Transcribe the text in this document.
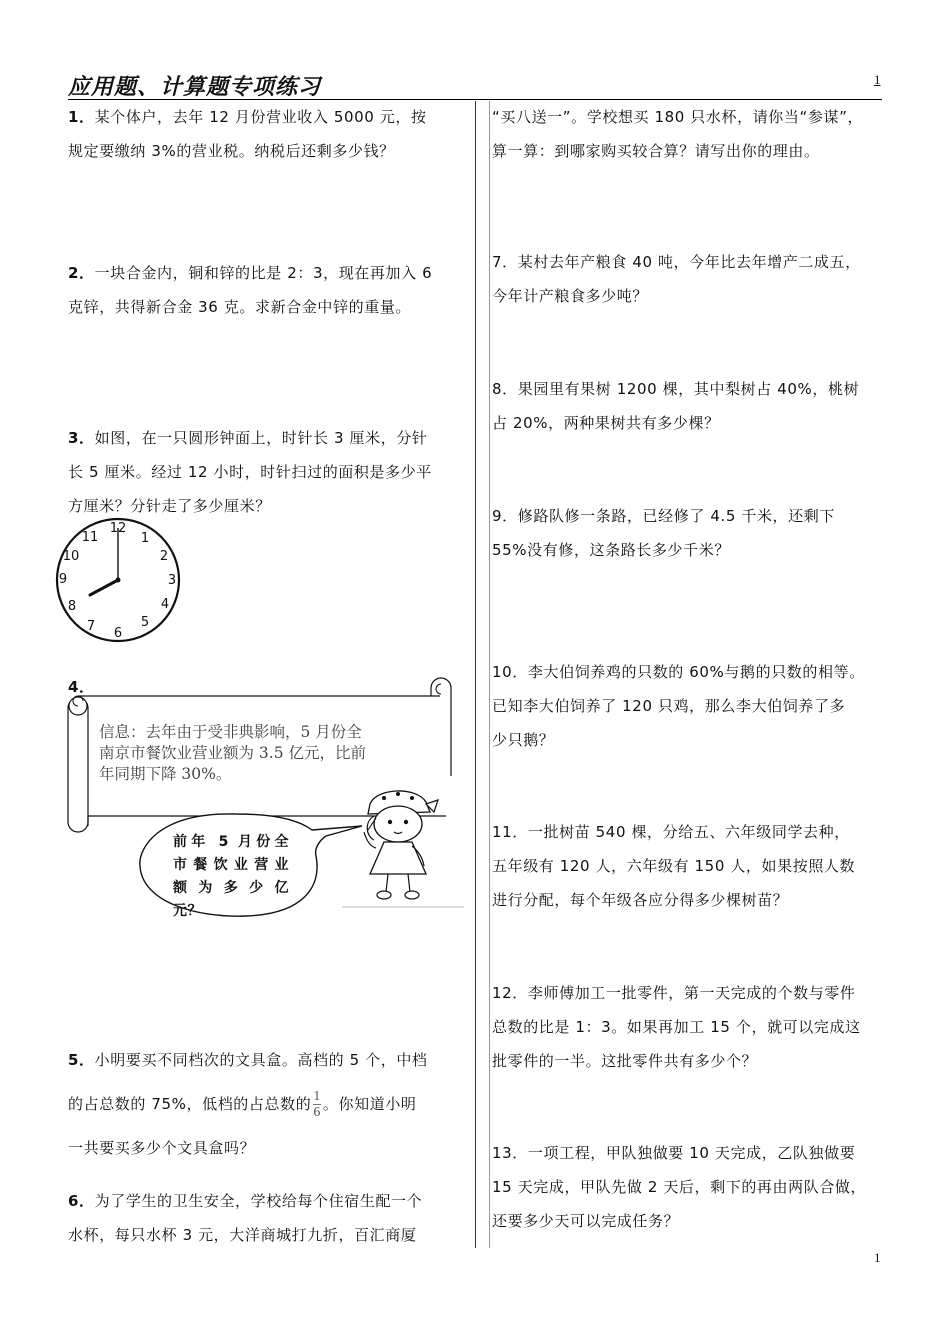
应用题、计算题专项练习	1
1．某个体户，去年 12 月份营业收入 5000 元，按
规定要缴纳 3%的营业税。纳税后还剩多少钱？
2．一块合金内，铜和锌的比是 2：3，现在再加入 6
克锌，共得新合金 36 克。求新合金中锌的重量。
3．如图，在一只圆形钟面上，时针长 3 厘米，分针
长 5 厘米。经过 12 小时，时针扫过的面积是多少平
方厘米？分针走了多少厘米？
12
1
2
3
4
5
6
7
8
9
10
11
4．
信息：去年由于受非典影响，5 月份全
南京市餐饮业营业额为 3.5 亿元，比前
年同期下降 30%。
前年 5 月份全
市餐饮业营业
额 为 多 少 亿
元？
5．小明要买不同档次的文具盒。高档的 5 个，中档
的占总数的 75%，低档的占总数的 $\frac{1}{6}$ 。你知道小明
一共要买多少个文具盒吗？
6．为了学生的卫生安全，学校给每个住宿生配一个
水杯，每只水杯 3 元，大洋商城打九折，百汇商厦
“买八送一”。学校想买 180 只水杯，请你当“参谋”，
算一算：到哪家购买较合算？请写出你的理由。
7．某村去年产粮食 40 吨，今年比去年增产二成五，
今年计产粮食多少吨？
8．果园里有果树 1200 棵，其中梨树占 40%，桃树
占 20%，两种果树共有多少棵？
9．修路队修一条路，已经修了 4.5 千米，还剩下
55%没有修，这条路长多少千米？
10．李大伯饲养鸡的只数的 60%与鹅的只数的相等。
已知李大伯饲养了 120 只鸡，那么李大伯饲养了多
少只鹅？
11．一批树苗 540 棵，分给五、六年级同学去种，
五年级有 120 人，六年级有 150 人，如果按照人数
进行分配，每个年级各应分得多少棵树苗？
12．李师傅加工一批零件，第一天完成的个数与零件
总数的比是 1：3。如果再加工 15 个，就可以完成这
批零件的一半。这批零件共有多少个？
13．一项工程，甲队独做要 10 天完成，乙队独做要
15 天完成，甲队先做 2 天后，剩下的再由两队合做，
还要多少天可以完成任务？
1
